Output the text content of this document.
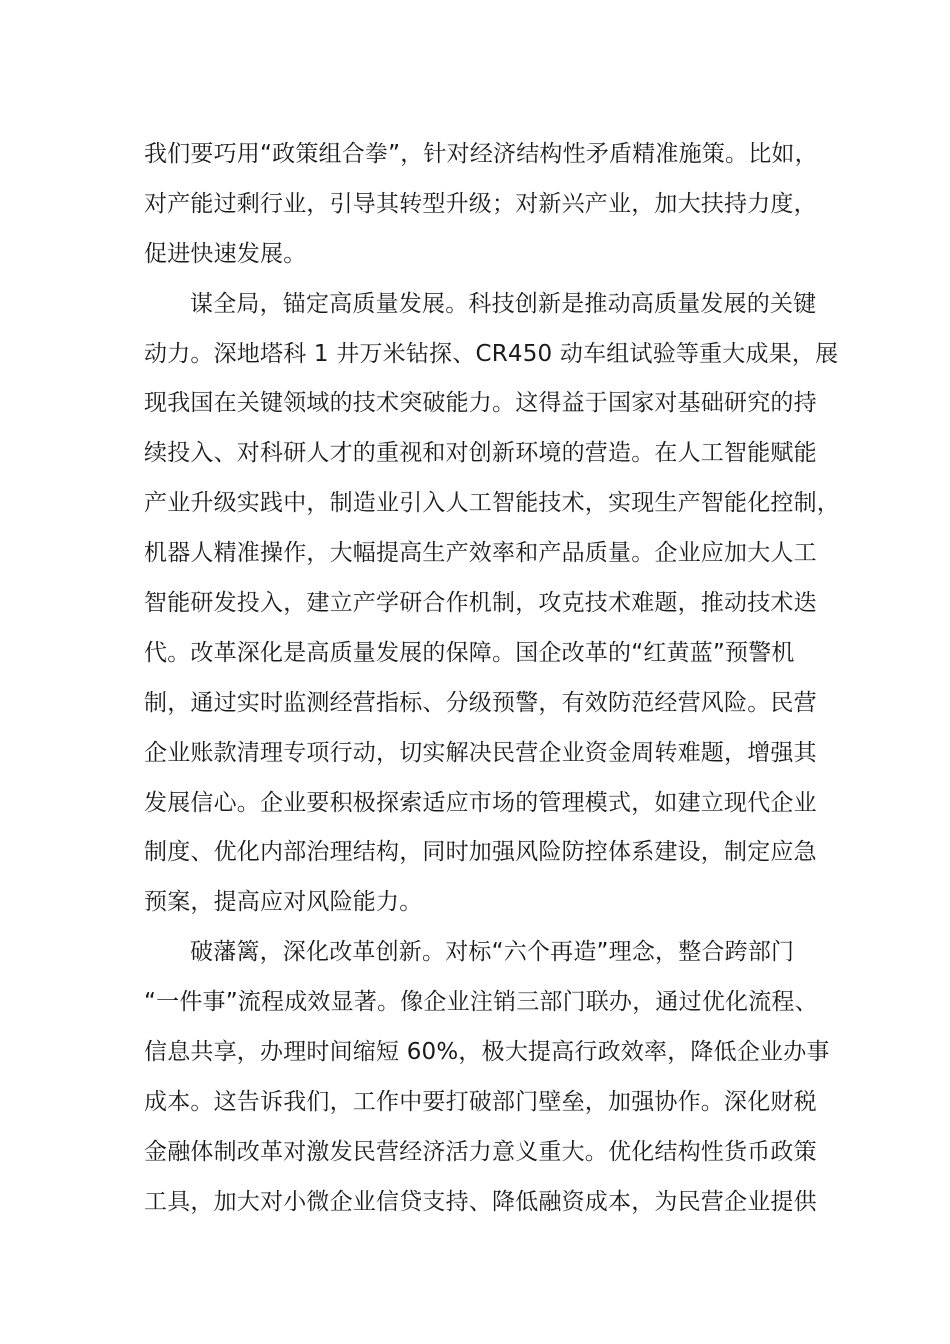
我们要巧用“政策组合拳”，针对经济结构性矛盾精准施策。比如，
对产能过剩行业，引导其转型升级；对新兴产业，加大扶持力度，
促进快速发展。
谋全局，锚定高质量发展。科技创新是推动高质量发展的关键
动力。深地塔科 1 井万米钻探、CR450 动车组试验等重大成果，展
现我国在关键领域的技术突破能力。这得益于国家对基础研究的持
续投入、对科研人才的重视和对创新环境的营造。在人工智能赋能
产业升级实践中，制造业引入人工智能技术，实现生产智能化控制，
机器人精准操作，大幅提高生产效率和产品质量。企业应加大人工
智能研发投入，建立产学研合作机制，攻克技术难题，推动技术迭
代。改革深化是高质量发展的保障。国企改革的“红黄蓝”预警机
制，通过实时监测经营指标、分级预警，有效防范经营风险。民营
企业账款清理专项行动，切实解决民营企业资金周转难题，增强其
发展信心。企业要积极探索适应市场的管理模式，如建立现代企业
制度、优化内部治理结构，同时加强风险防控体系建设，制定应急
预案，提高应对风险能力。
破藩篱，深化改革创新。对标“六个再造”理念，整合跨部门
“一件事”流程成效显著。像企业注销三部门联办，通过优化流程、
信息共享，办理时间缩短 60%，极大提高行政效率，降低企业办事
成本。这告诉我们，工作中要打破部门壁垒，加强协作。深化财税
金融体制改革对激发民营经济活力意义重大。优化结构性货币政策
工具，加大对小微企业信贷支持、降低融资成本，为民营企业提供
